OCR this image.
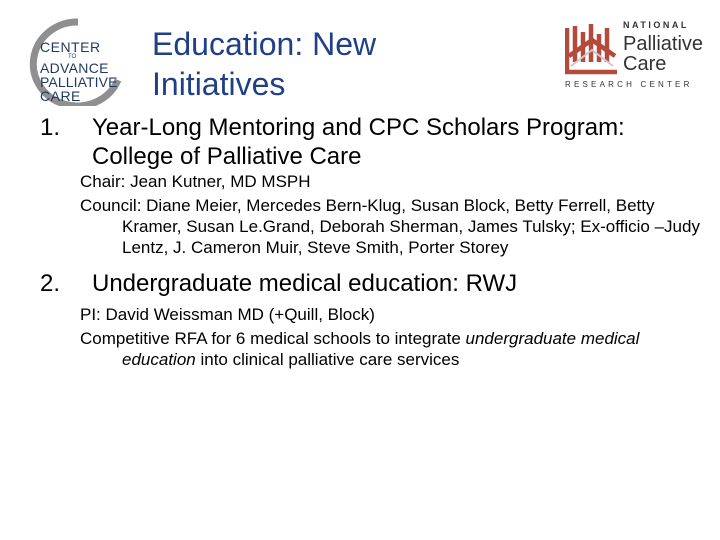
CENTER
TO
ADVANCE
PALLIATIVE
CARE
Education: New
Initiatives
NATIONAL
Palliative
Care
RESEARCH CENTER
1. Year-Long Mentoring and CPC Scholars Program: College of Palliative Care
Chair: Jean Kutner, MD MSPH
Council: Diane Meier, Mercedes Bern-Klug, Susan Block, Betty Ferrell, Betty Kramer, Susan Le.Grand, Deborah Sherman, James Tulsky; Ex-officio –Judy Lentz, J. Cameron Muir, Steve Smith, Porter Storey
2. Undergraduate medical education: RWJ
PI: David Weissman MD (+Quill, Block)
Competitive RFA for 6 medical schools to integrate undergraduate medical education into clinical palliative care services
